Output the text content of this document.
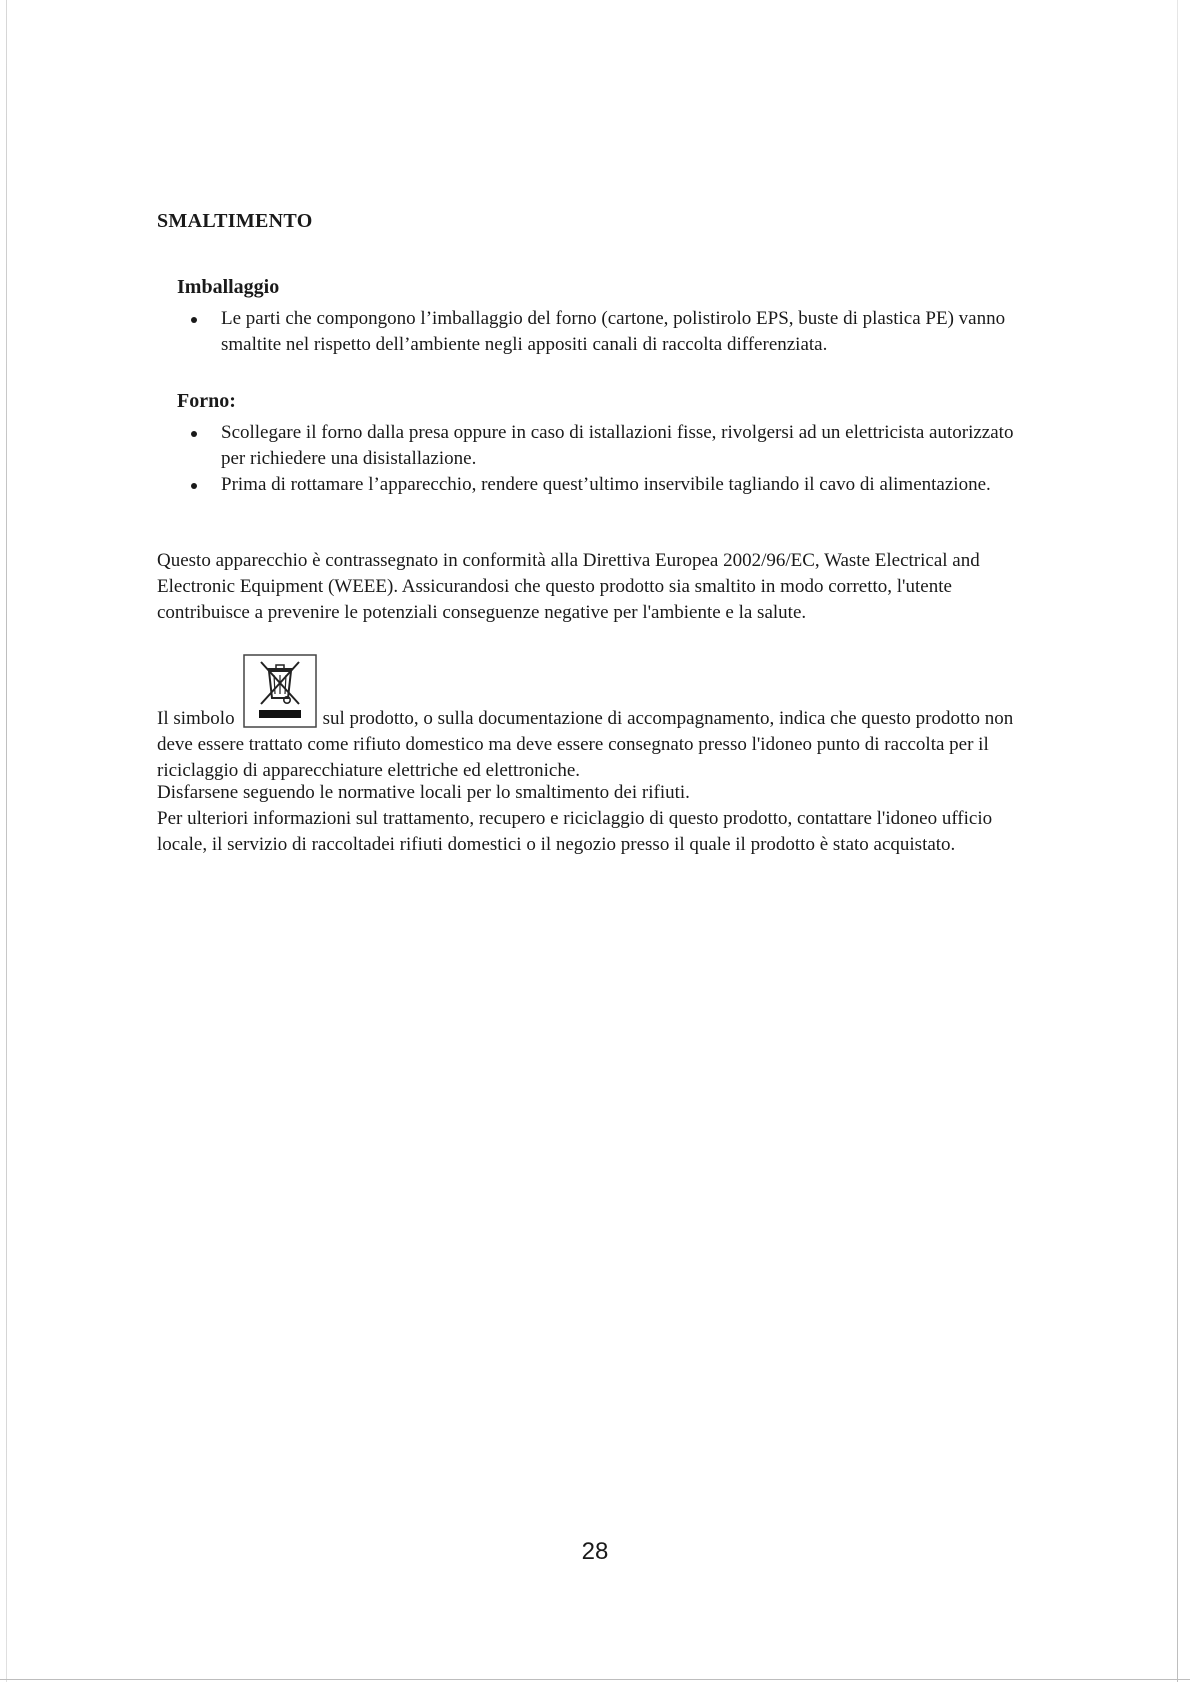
SMALTIMENTO
Imballaggio
Le parti che compongono l’imballaggio del forno (cartone, polistirolo EPS, buste di plastica PE) vanno smaltite nel rispetto dell’ambiente negli appositi canali di raccolta differenziata.
Forno:
Scollegare il forno dalla presa oppure in caso di istallazioni fisse, rivolgersi ad un elettricista autorizzato per richiedere una disistallazione.
Prima di rottamare l’apparecchio, rendere quest’ultimo inservibile tagliando il cavo di alimentazione.

Questo apparecchio è contrassegnato in conformità alla Direttiva Europea 2002/96/EC, Waste Electrical and Electronic Equipment (WEEE). Assicurandosi che questo prodotto sia smaltito in modo corretto, l'utente contribuisce a prevenire le potenziali conseguenze negative per l'ambiente e la salute.

Il simbolo	sul prodotto, o sulla documentazione di accompagnamento, indica che questo prodotto non deve essere trattato come rifiuto domestico ma deve essere consegnato presso l'idoneo punto di raccolta per il riciclaggio di apparecchiature elettriche ed elettroniche.

Disfarsene seguendo le normative locali per lo smaltimento dei rifiuti.

Per ulteriori informazioni sul trattamento, recupero e riciclaggio di questo prodotto, contattare l'idoneo ufficio locale, il servizio di raccoltadei rifiuti domestici o il negozio presso il quale il prodotto è stato acquistato.

28
